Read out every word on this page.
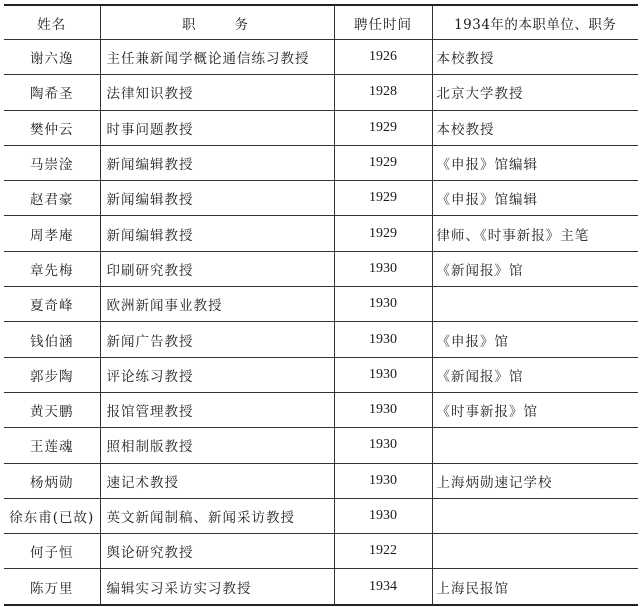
姓名	职　　务	聘任时间	1934年的本职单位、职务
谢六逸	主任兼新闻学概论通信练习教授	1926	本校教授
陶希圣	法律知识教授	1928	北京大学教授
樊仲云	时事问题教授	1929	本校教授
马崇淦	新闻编辑教授	1929	《申报》馆编辑
赵君豪	新闻编辑教授	1929	《申报》馆编辑
周孝庵	新闻编辑教授	1929	律师、《时事新报》主笔
章先梅	印刷研究教授	1930	《新闻报》馆
夏奇峰	欧洲新闻事业教授	1930	
钱伯涵	新闻广告教授	1930	《申报》馆
郭步陶	评论练习教授	1930	《新闻报》馆
黄天鹏	报馆管理教授	1930	《时事新报》馆
王莲魂	照相制版教授	1930	
杨炳勋	速记术教授	1930	上海炳勋速记学校
徐东甫(已故)	英文新闻制稿、新闻采访教授	1930	
何子恒	舆论研究教授	1922	
陈万里	编辑实习采访实习教授	1934	上海民报馆
